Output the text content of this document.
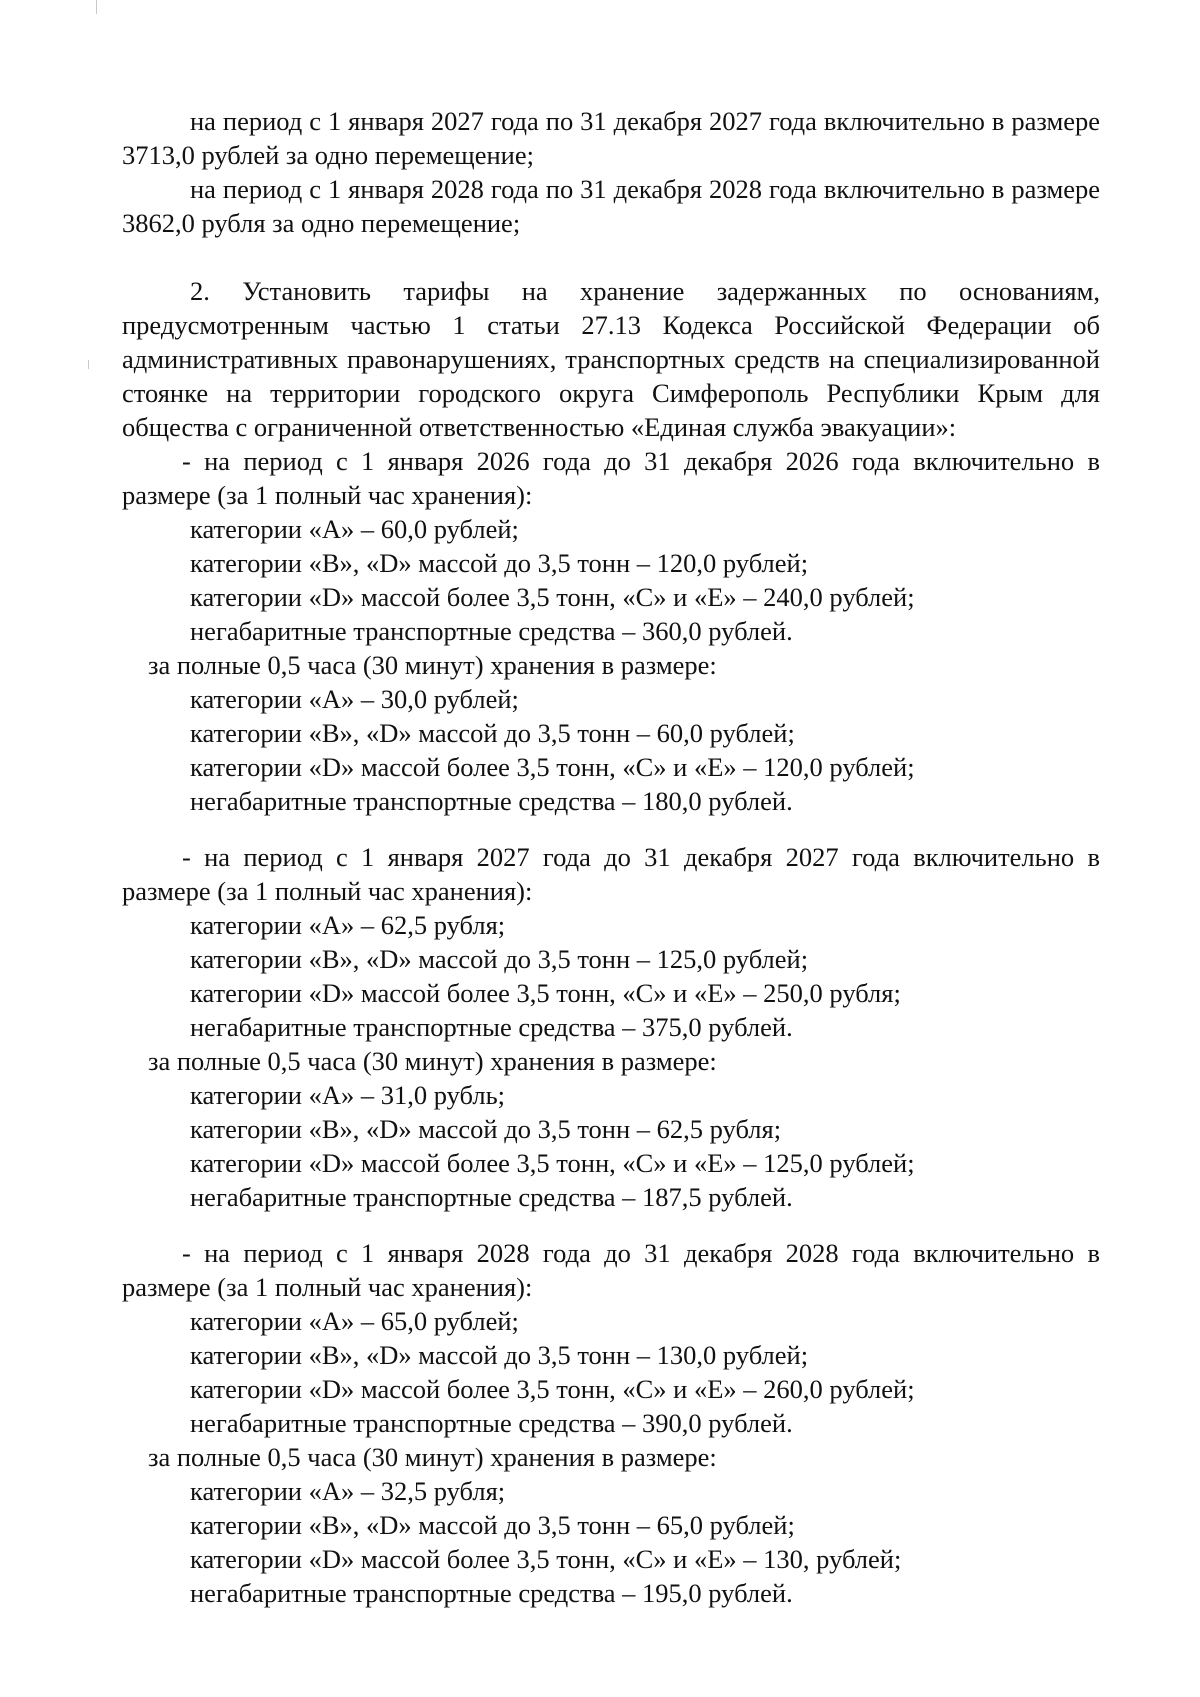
на период с 1 января 2027 года по 31 декабря 2027 года включительно в размере 3713,0 рублей за одно перемещение;

на период с 1 января 2028 года по 31 декабря 2028 года включительно в размере 3862,0 рубля за одно перемещение;

2. Установить тарифы на хранение задержанных по основаниям, предусмотренным частью 1 статьи 27.13 Кодекса Российской Федерации об административных правонарушениях, транспортных средств на специализированной стоянке на территории городского округа Симферополь Республики Крым для общества с ограниченной ответственностью «Единая служба эвакуации»:

- на период с 1 января 2026 года до 31 декабря 2026 года включительно в размере (за 1 полный час хранения):

категории «А» – 60,0 рублей;

категории «В», «D» массой до 3,5 тонн – 120,0 рублей;

категории «D» массой более 3,5 тонн, «С» и «Е» – 240,0 рублей;

негабаритные транспортные средства – 360,0 рублей.

за полные 0,5 часа (30 минут) хранения в размере:

категории «А» – 30,0 рублей;

категории «В», «D» массой до 3,5 тонн – 60,0 рублей;

категории «D» массой более 3,5 тонн, «С» и «Е» – 120,0 рублей;

негабаритные транспортные средства – 180,0 рублей.

- на период с 1 января 2027 года до 31 декабря 2027 года включительно в размере (за 1 полный час хранения):

категории «А» – 62,5 рубля;

категории «В», «D» массой до 3,5 тонн – 125,0 рублей;

категории «D» массой более 3,5 тонн, «С» и «Е» – 250,0 рубля;

негабаритные транспортные средства – 375,0 рублей.

за полные 0,5 часа (30 минут) хранения в размере:

категории «А» – 31,0 рубль;

категории «В», «D» массой до 3,5 тонн – 62,5 рубля;

категории «D» массой более 3,5 тонн, «С» и «Е» – 125,0 рублей;

негабаритные транспортные средства – 187,5 рублей.

- на период с 1 января 2028 года до 31 декабря 2028 года включительно в размере (за 1 полный час хранения):

категории «А» – 65,0 рублей;

категории «В», «D» массой до 3,5 тонн – 130,0 рублей;

категории «D» массой более 3,5 тонн, «С» и «Е» – 260,0 рублей;

негабаритные транспортные средства – 390,0 рублей.

за полные 0,5 часа (30 минут) хранения в размере:

категории «А» – 32,5 рубля;

категории «В», «D» массой до 3,5 тонн – 65,0 рублей;

категории «D» массой более 3,5 тонн, «С» и «Е» – 130, рублей;

негабаритные транспортные средства – 195,0 рублей.
